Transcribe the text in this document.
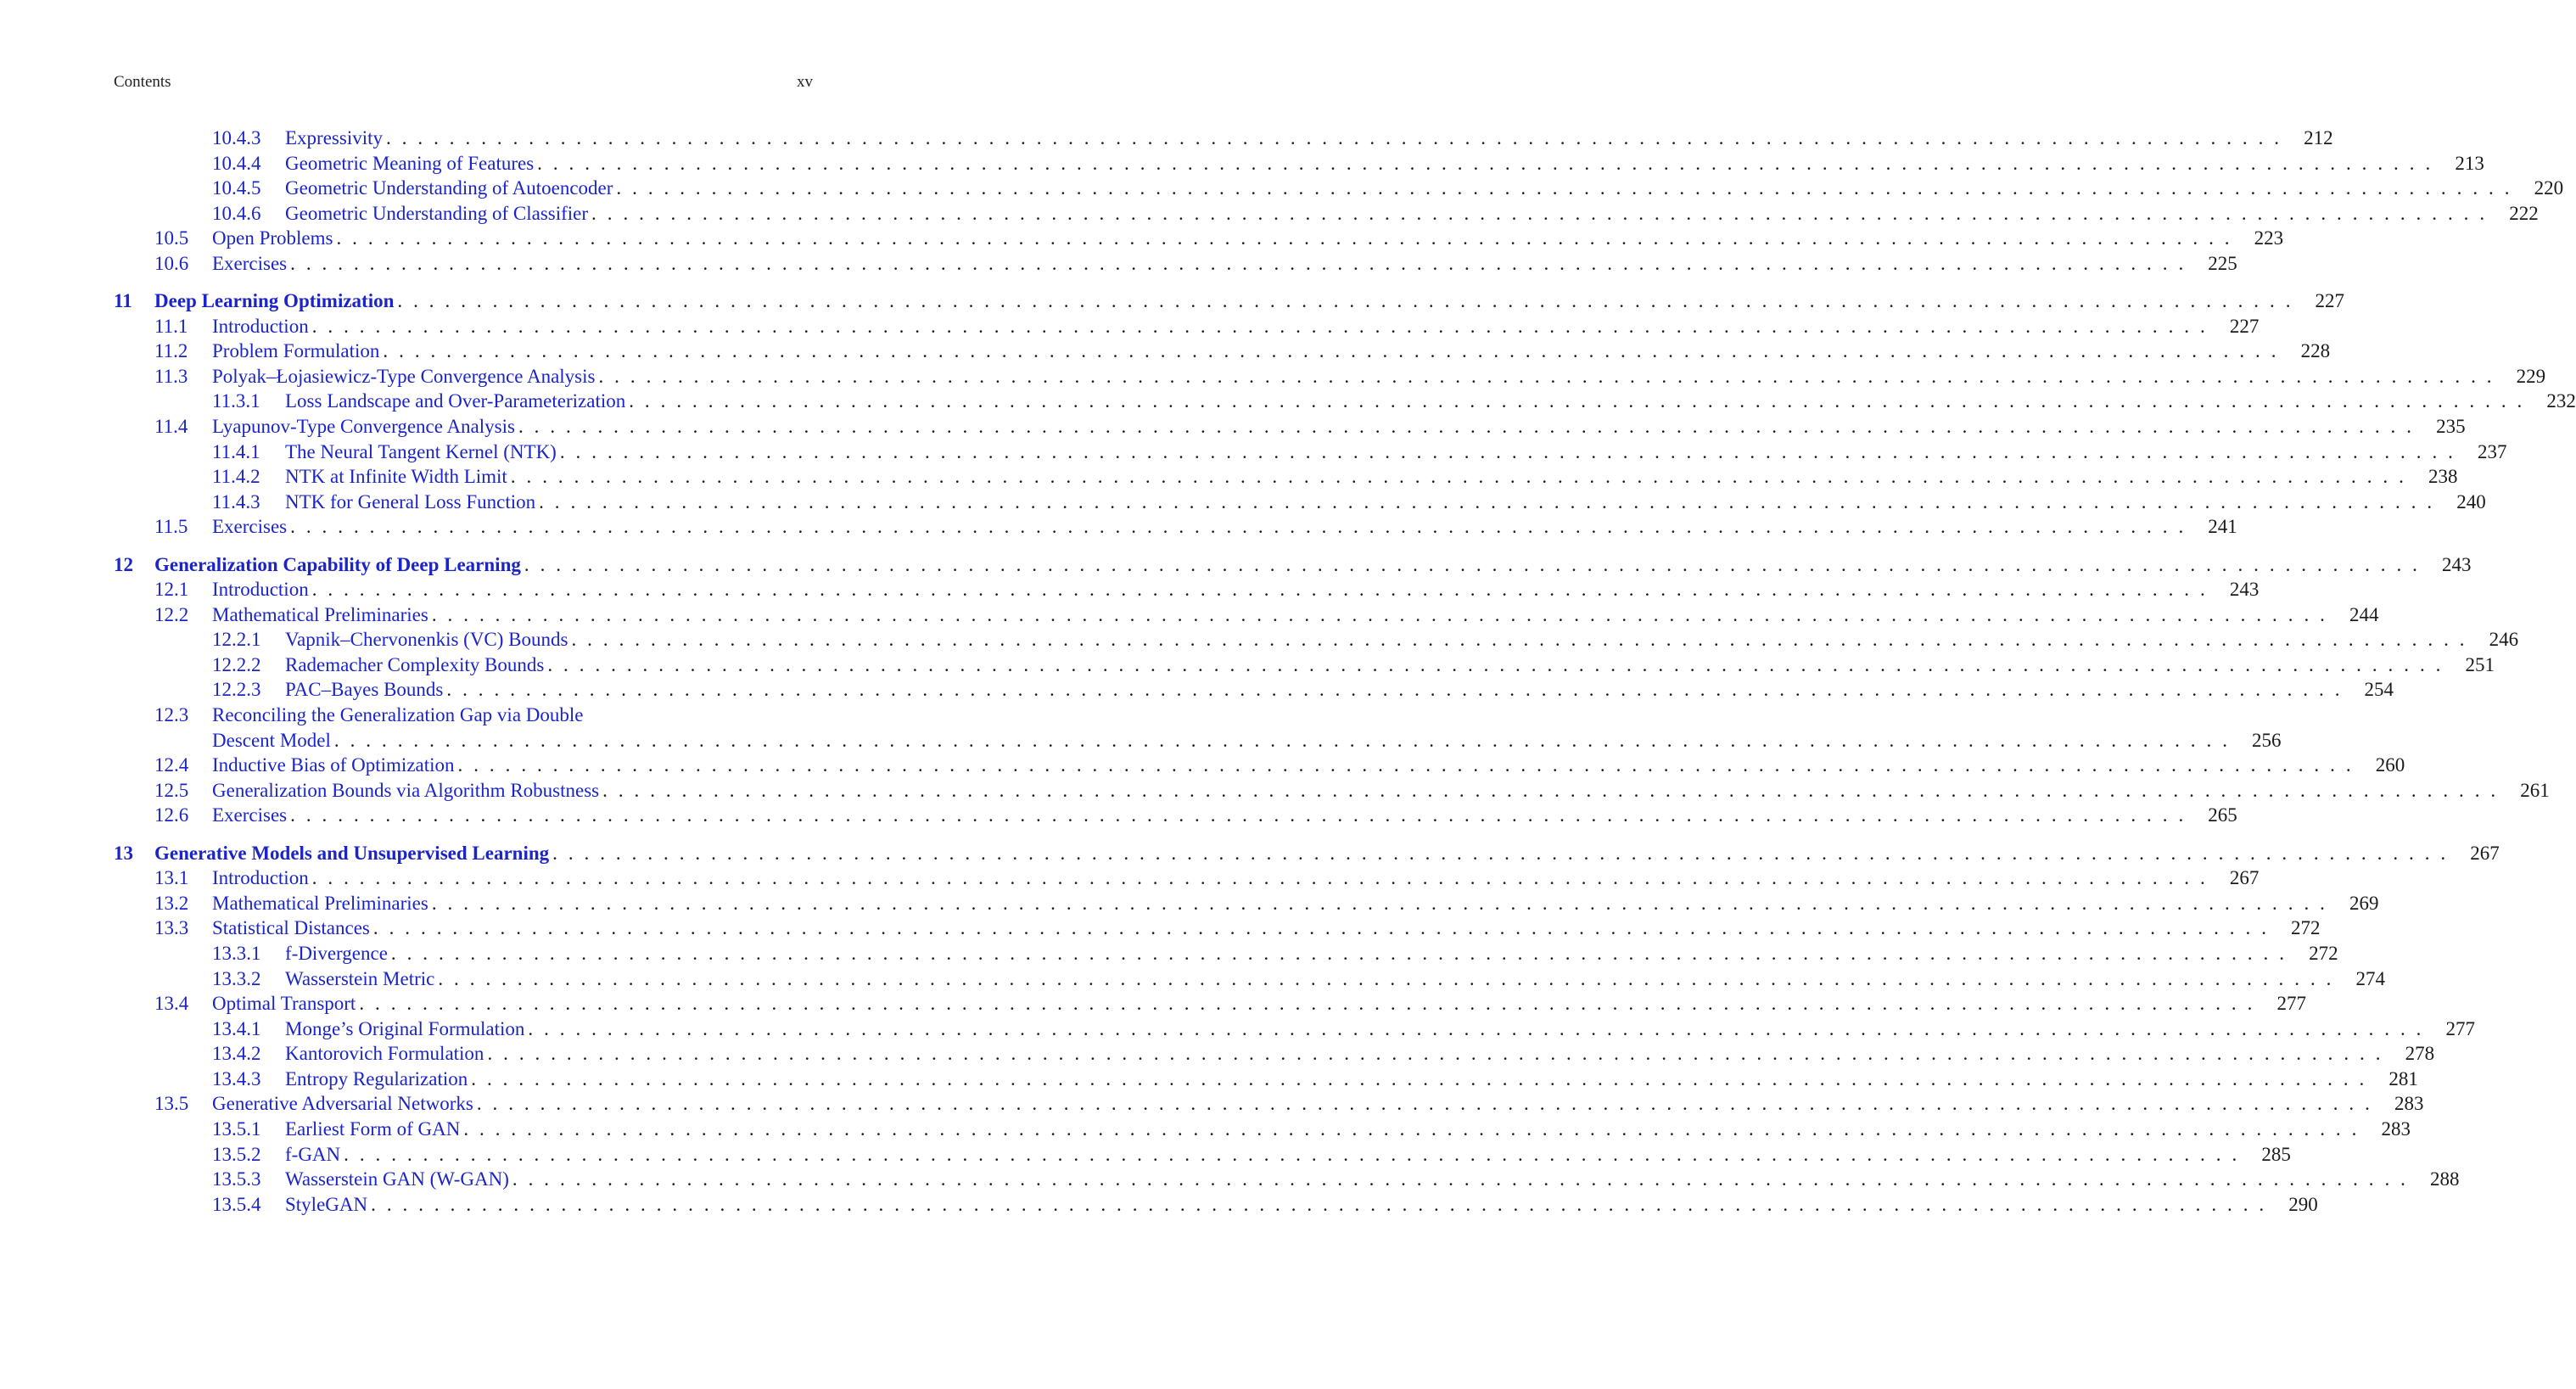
Contents	xv
10.4.3 Expressivity . . . . . . . . . . . . . . . . . . . . . . . . . . . . . . . . . . . . . . . . . . . . . . . . . . . . . . . . . . . . . . . . . . . . . . . . . . . . . . . . . . . . . . . . . . . . . . . . . . . . . . . . . . . . . . . . . . . . . . . .	212
10.4.4 Geometric Meaning of Features . . . . . . . . . . . . . . . . . . . . . . . . . . . . . . . . . . . . . . . . . . . . . . . . . . . . . . . . . . . . . . . . . . . . . . . . . . . . . . . . . . . . . . . . . . . . . . . . . . . . . . . . . . . . . . . . . . . . . . . .	213
10.4.5 Geometric Understanding of Autoencoder . . . . . . . . . . . . . . . . . . . . . . . . . . . . . . . . . . . . . . . . . . . . . . . . . . . . . . . . . . . . . . . . . . . . . . . . . . . . . . . . . . . . . . . . . . . . . . . . . . . . . . . . . . . . . . . . . . . . . . . .	220
10.4.6 Geometric Understanding of Classifier . . . . . . . . . . . . . . . . . . . . . . . . . . . . . . . . . . . . . . . . . . . . . . . . . . . . . . . . . . . . . . . . . . . . . . . . . . . . . . . . . . . . . . . . . . . . . . . . . . . . . . . . . . . . . . . . . . . . . . . .	222
10.5 Open Problems . . . . . . . . . . . . . . . . . . . . . . . . . . . . . . . . . . . . . . . . . . . . . . . . . . . . . . . . . . . . . . . . . . . . . . . . . . . . . . . . . . . . . . . . . . . . . . . . . . . . . . . . . . . . . . . . . . . . . . . .	223
10.6 Exercises . . . . . . . . . . . . . . . . . . . . . . . . . . . . . . . . . . . . . . . . . . . . . . . . . . . . . . . . . . . . . . . . . . . . . . . . . . . . . . . . . . . . . . . . . . . . . . . . . . . . . . . . . . . . . . . . . . . . . . . .	225
11 Deep Learning Optimization . . . . . . . . . . . . . . . . . . . . . . . . . . . . . . . . . . . . . . . . . . . . . . . . . . . . . . . . . . . . . . . . . . . . . . . . . . . . . . . . . . . . . . . . . . . . . . . . . . . . . . . . . . . . . . . . . . . . . . . .	227
11.1 Introduction . . . . . . . . . . . . . . . . . . . . . . . . . . . . . . . . . . . . . . . . . . . . . . . . . . . . . . . . . . . . . . . . . . . . . . . . . . . . . . . . . . . . . . . . . . . . . . . . . . . . . . . . . . . . . . . . . . . . . . . .	227
11.2 Problem Formulation . . . . . . . . . . . . . . . . . . . . . . . . . . . . . . . . . . . . . . . . . . . . . . . . . . . . . . . . . . . . . . . . . . . . . . . . . . . . . . . . . . . . . . . . . . . . . . . . . . . . . . . . . . . . . . . . . . . . . . . .	228
11.3 Polyak–Łojasiewicz-Type Convergence Analysis . . . . . . . . . . . . . . . . . . . . . . . . . . . . . . . . . . . . . . . . . . . . . . . . . . . . . . . . . . . . . . . . . . . . . . . . . . . . . . . . . . . . . . . . . . . . . . . . . . . . . . . . . . . . . . . . . . . . . . . .	229
11.3.1 Loss Landscape and Over-Parameterization . . . . . . . . . . . . . . . . . . . . . . . . . . . . . . . . . . . . . . . . . . . . . . . . . . . . . . . . . . . . . . . . . . . . . . . . . . . . . . . . . . . . . . . . . . . . . . . . . . . . . . . . . . . . . . . . . . . . . . . .	232
11.4 Lyapunov-Type Convergence Analysis . . . . . . . . . . . . . . . . . . . . . . . . . . . . . . . . . . . . . . . . . . . . . . . . . . . . . . . . . . . . . . . . . . . . . . . . . . . . . . . . . . . . . . . . . . . . . . . . . . . . . . . . . . . . . . . . . . . . . . . .	235
11.4.1 The Neural Tangent Kernel (NTK) . . . . . . . . . . . . . . . . . . . . . . . . . . . . . . . . . . . . . . . . . . . . . . . . . . . . . . . . . . . . . . . . . . . . . . . . . . . . . . . . . . . . . . . . . . . . . . . . . . . . . . . . . . . . . . . . . . . . . . . .	237
11.4.2 NTK at Infinite Width Limit . . . . . . . . . . . . . . . . . . . . . . . . . . . . . . . . . . . . . . . . . . . . . . . . . . . . . . . . . . . . . . . . . . . . . . . . . . . . . . . . . . . . . . . . . . . . . . . . . . . . . . . . . . . . . . . . . . . . . . . .	238
11.4.3 NTK for General Loss Function . . . . . . . . . . . . . . . . . . . . . . . . . . . . . . . . . . . . . . . . . . . . . . . . . . . . . . . . . . . . . . . . . . . . . . . . . . . . . . . . . . . . . . . . . . . . . . . . . . . . . . . . . . . . . . . . . . . . . . . .	240
11.5 Exercises . . . . . . . . . . . . . . . . . . . . . . . . . . . . . . . . . . . . . . . . . . . . . . . . . . . . . . . . . . . . . . . . . . . . . . . . . . . . . . . . . . . . . . . . . . . . . . . . . . . . . . . . . . . . . . . . . . . . . . . .	241
12 Generalization Capability of Deep Learning . . . . . . . . . . . . . . . . . . . . . . . . . . . . . . . . . . . . . . . . . . . . . . . . . . . . . . . . . . . . . . . . . . . . . . . . . . . . . . . . . . . . . . . . . . . . . . . . . . . . . . . . . . . . . . . . . . . . . . . .	243
12.1 Introduction . . . . . . . . . . . . . . . . . . . . . . . . . . . . . . . . . . . . . . . . . . . . . . . . . . . . . . . . . . . . . . . . . . . . . . . . . . . . . . . . . . . . . . . . . . . . . . . . . . . . . . . . . . . . . . . . . . . . . . . .	243
12.2 Mathematical Preliminaries . . . . . . . . . . . . . . . . . . . . . . . . . . . . . . . . . . . . . . . . . . . . . . . . . . . . . . . . . . . . . . . . . . . . . . . . . . . . . . . . . . . . . . . . . . . . . . . . . . . . . . . . . . . . . . . . . . . . . . . .	244
12.2.1 Vapnik–Chervonenkis (VC) Bounds . . . . . . . . . . . . . . . . . . . . . . . . . . . . . . . . . . . . . . . . . . . . . . . . . . . . . . . . . . . . . . . . . . . . . . . . . . . . . . . . . . . . . . . . . . . . . . . . . . . . . . . . . . . . . . . . . . . . . . . .	246
12.2.2 Rademacher Complexity Bounds . . . . . . . . . . . . . . . . . . . . . . . . . . . . . . . . . . . . . . . . . . . . . . . . . . . . . . . . . . . . . . . . . . . . . . . . . . . . . . . . . . . . . . . . . . . . . . . . . . . . . . . . . . . . . . . . . . . . . . . .	251
12.2.3 PAC–Bayes Bounds . . . . . . . . . . . . . . . . . . . . . . . . . . . . . . . . . . . . . . . . . . . . . . . . . . . . . . . . . . . . . . . . . . . . . . . . . . . . . . . . . . . . . . . . . . . . . . . . . . . . . . . . . . . . . . . . . . . . . . . .	254
12.3 Reconciling the Generalization Gap via Double
Descent Model . . . . . . . . . . . . . . . . . . . . . . . . . . . . . . . . . . . . . . . . . . . . . . . . . . . . . . . . . . . . . . . . . . . . . . . . . . . . . . . . . . . . . . . . . . . . . . . . . . . . . . . . . . . . . . . . . . . . . . . .	256
12.4 Inductive Bias of Optimization . . . . . . . . . . . . . . . . . . . . . . . . . . . . . . . . . . . . . . . . . . . . . . . . . . . . . . . . . . . . . . . . . . . . . . . . . . . . . . . . . . . . . . . . . . . . . . . . . . . . . . . . . . . . . . . . . . . . . . . .	260
12.5 Generalization Bounds via Algorithm Robustness . . . . . . . . . . . . . . . . . . . . . . . . . . . . . . . . . . . . . . . . . . . . . . . . . . . . . . . . . . . . . . . . . . . . . . . . . . . . . . . . . . . . . . . . . . . . . . . . . . . . . . . . . . . . . . . . . . . . . . . .	261
12.6 Exercises . . . . . . . . . . . . . . . . . . . . . . . . . . . . . . . . . . . . . . . . . . . . . . . . . . . . . . . . . . . . . . . . . . . . . . . . . . . . . . . . . . . . . . . . . . . . . . . . . . . . . . . . . . . . . . . . . . . . . . . .	265
13 Generative Models and Unsupervised Learning . . . . . . . . . . . . . . . . . . . . . . . . . . . . . . . . . . . . . . . . . . . . . . . . . . . . . . . . . . . . . . . . . . . . . . . . . . . . . . . . . . . . . . . . . . . . . . . . . . . . . . . . . . . . . . . . . . . . . . . .	267
13.1 Introduction . . . . . . . . . . . . . . . . . . . . . . . . . . . . . . . . . . . . . . . . . . . . . . . . . . . . . . . . . . . . . . . . . . . . . . . . . . . . . . . . . . . . . . . . . . . . . . . . . . . . . . . . . . . . . . . . . . . . . . . .	267
13.2 Mathematical Preliminaries . . . . . . . . . . . . . . . . . . . . . . . . . . . . . . . . . . . . . . . . . . . . . . . . . . . . . . . . . . . . . . . . . . . . . . . . . . . . . . . . . . . . . . . . . . . . . . . . . . . . . . . . . . . . . . . . . . . . . . . .	269
13.3 Statistical Distances . . . . . . . . . . . . . . . . . . . . . . . . . . . . . . . . . . . . . . . . . . . . . . . . . . . . . . . . . . . . . . . . . . . . . . . . . . . . . . . . . . . . . . . . . . . . . . . . . . . . . . . . . . . . . . . . . . . . . . . .	272
13.3.1 f-Divergence . . . . . . . . . . . . . . . . . . . . . . . . . . . . . . . . . . . . . . . . . . . . . . . . . . . . . . . . . . . . . . . . . . . . . . . . . . . . . . . . . . . . . . . . . . . . . . . . . . . . . . . . . . . . . . . . . . . . . . . .	272
13.3.2 Wasserstein Metric . . . . . . . . . . . . . . . . . . . . . . . . . . . . . . . . . . . . . . . . . . . . . . . . . . . . . . . . . . . . . . . . . . . . . . . . . . . . . . . . . . . . . . . . . . . . . . . . . . . . . . . . . . . . . . . . . . . . . . . .	274
13.4 Optimal Transport . . . . . . . . . . . . . . . . . . . . . . . . . . . . . . . . . . . . . . . . . . . . . . . . . . . . . . . . . . . . . . . . . . . . . . . . . . . . . . . . . . . . . . . . . . . . . . . . . . . . . . . . . . . . . . . . . . . . . . . .	277
13.4.1 Monge’s Original Formulation . . . . . . . . . . . . . . . . . . . . . . . . . . . . . . . . . . . . . . . . . . . . . . . . . . . . . . . . . . . . . . . . . . . . . . . . . . . . . . . . . . . . . . . . . . . . . . . . . . . . . . . . . . . . . . . . . . . . . . . .	277
13.4.2 Kantorovich Formulation . . . . . . . . . . . . . . . . . . . . . . . . . . . . . . . . . . . . . . . . . . . . . . . . . . . . . . . . . . . . . . . . . . . . . . . . . . . . . . . . . . . . . . . . . . . . . . . . . . . . . . . . . . . . . . . . . . . . . . . .	278
13.4.3 Entropy Regularization . . . . . . . . . . . . . . . . . . . . . . . . . . . . . . . . . . . . . . . . . . . . . . . . . . . . . . . . . . . . . . . . . . . . . . . . . . . . . . . . . . . . . . . . . . . . . . . . . . . . . . . . . . . . . . . . . . . . . . . .	281
13.5 Generative Adversarial Networks . . . . . . . . . . . . . . . . . . . . . . . . . . . . . . . . . . . . . . . . . . . . . . . . . . . . . . . . . . . . . . . . . . . . . . . . . . . . . . . . . . . . . . . . . . . . . . . . . . . . . . . . . . . . . . . . . . . . . . . .	283
13.5.1 Earliest Form of GAN . . . . . . . . . . . . . . . . . . . . . . . . . . . . . . . . . . . . . . . . . . . . . . . . . . . . . . . . . . . . . . . . . . . . . . . . . . . . . . . . . . . . . . . . . . . . . . . . . . . . . . . . . . . . . . . . . . . . . . . .	283
13.5.2 f-GAN . . . . . . . . . . . . . . . . . . . . . . . . . . . . . . . . . . . . . . . . . . . . . . . . . . . . . . . . . . . . . . . . . . . . . . . . . . . . . . . . . . . . . . . . . . . . . . . . . . . . . . . . . . . . . . . . . . . . . . . .	285
13.5.3 Wasserstein GAN (W-GAN) . . . . . . . . . . . . . . . . . . . . . . . . . . . . . . . . . . . . . . . . . . . . . . . . . . . . . . . . . . . . . . . . . . . . . . . . . . . . . . . . . . . . . . . . . . . . . . . . . . . . . . . . . . . . . . . . . . . . . . . .	288
13.5.4 StyleGAN . . . . . . . . . . . . . . . . . . . . . . . . . . . . . . . . . . . . . . . . . . . . . . . . . . . . . . . . . . . . . . . . . . . . . . . . . . . . . . . . . . . . . . . . . . . . . . . . . . . . . . . . . . . . . . . . . . . . . . . .	290
